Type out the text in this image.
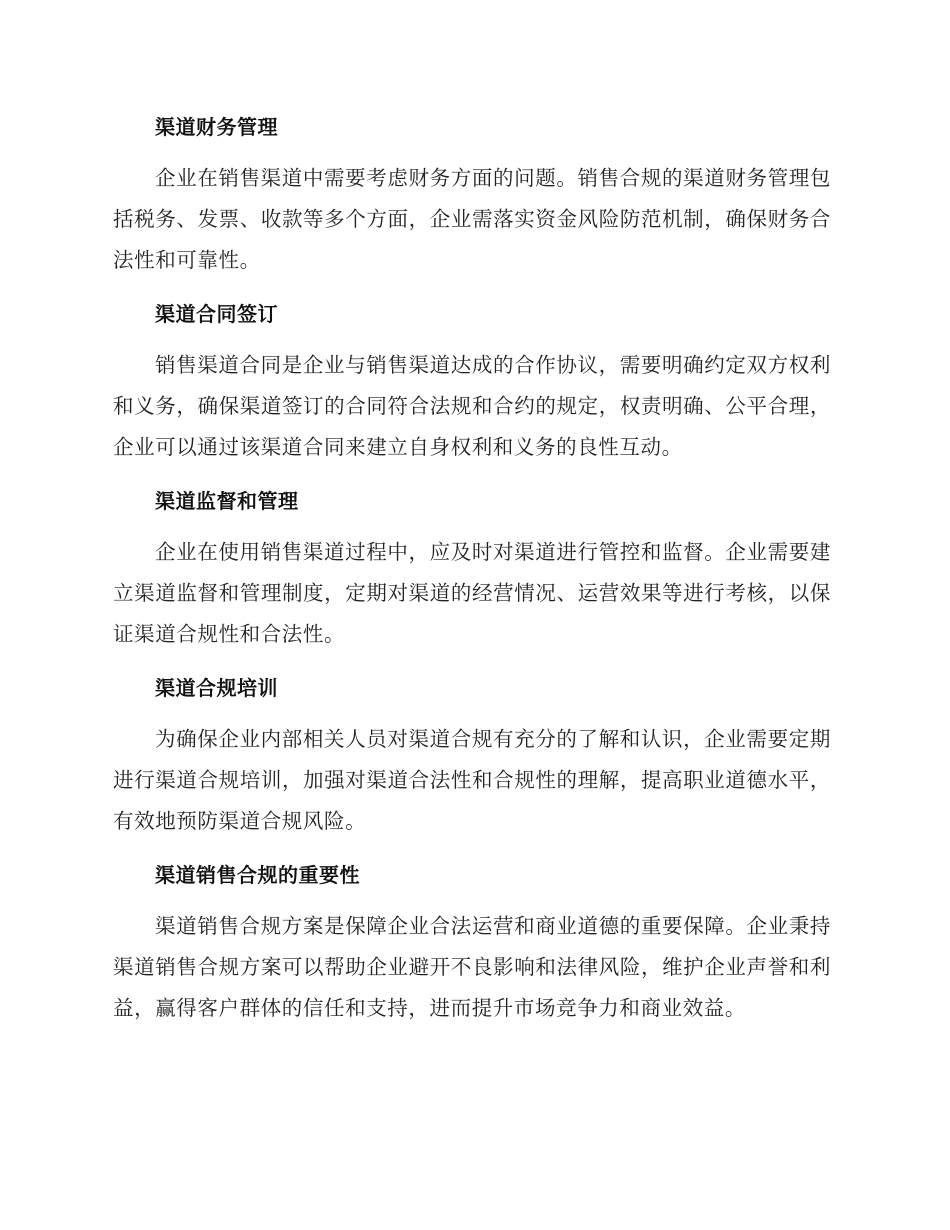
渠道财务管理

企业在销售渠道中需要考虑财务方面的问题。销售合规的渠道财务管理包括税务、发票、收款等多个方面，企业需落实资金风险防范机制，确保财务合法性和可靠性。

渠道合同签订

销售渠道合同是企业与销售渠道达成的合作协议，需要明确约定双方权利和义务，确保渠道签订的合同符合法规和合约的规定，权责明确、公平合理，企业可以通过该渠道合同来建立自身权利和义务的良性互动。

渠道监督和管理

企业在使用销售渠道过程中，应及时对渠道进行管控和监督。企业需要建立渠道监督和管理制度，定期对渠道的经营情况、运营效果等进行考核，以保证渠道合规性和合法性。

渠道合规培训

为确保企业内部相关人员对渠道合规有充分的了解和认识，企业需要定期进行渠道合规培训，加强对渠道合法性和合规性的理解，提高职业道德水平，有效地预防渠道合规风险。

渠道销售合规的重要性

渠道销售合规方案是保障企业合法运营和商业道德的重要保障。企业秉持渠道销售合规方案可以帮助企业避开不良影响和法律风险，维护企业声誉和利益，赢得客户群体的信任和支持，进而提升市场竞争力和商业效益。
